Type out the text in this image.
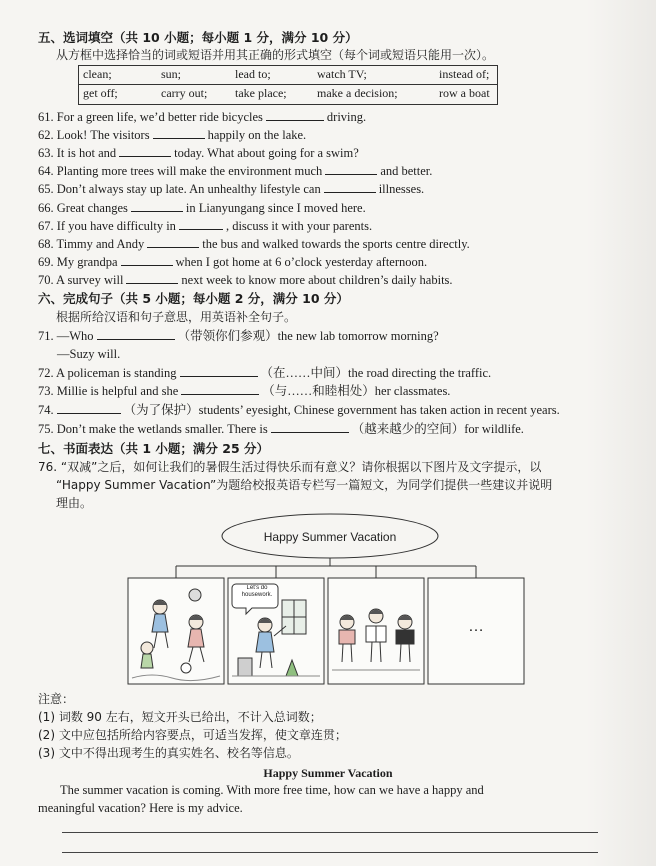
五、选词填空（共 10 小题；每小题 1 分，满分 10 分）
从方框中选择恰当的词或短语并用其正确的形式填空（每个词或短语只能用一次）。
clean;	sun;	lead to;	watch TV;	instead of;
get off;	carry out; take place;	make a decision;	row a boat
61. For a green life, we’d better ride bicycles	driving.
62. Look! The visitors	happily on the lake.
63. It is hot and	today. What about going for a swim?
64. Planting more trees will make the environment much	and better.
65. Don’t always stay up late. An unhealthy lifestyle can	illnesses.
66. Great changes	in Lianyungang since I moved here.
67. If you have difficulty in	, discuss it with your parents.
68. Timmy and Andy	the bus and walked towards the sports centre directly.
69. My grandpa	when I got home at 6 o’clock yesterday afternoon.
70. A survey will	next week to know more about children’s daily habits.
六、完成句子（共 5 小题；每小题 2 分，满分 10 分）
根据所给汉语和句子意思，用英语补全句子。
71. —Who	（带领你们参观）the new lab tomorrow morning?
—Suzy will.
72. A policeman is standing	（在……中间）the road directing the traffic.
73. Millie is helpful and she	（与……和睦相处）her classmates.
74.	（为了保护）students’ eyesight, Chinese government has taken action in recent years.
75. Don’t make the wetlands smaller. There is	（越来越少的空间）for wildlife.
七、书面表达（共 1 小题；满分 25 分）
76. “双减”之后，如何让我们的暑假生活过得快乐而有意义？请你根据以下图片及文字提示，以
“Happy Summer Vacation”为题给校报英语专栏写一篇短文，为同学们提供一些建议并说明
理由。
Happy Summer Vacation
Let’s do housework.
…
注意：
(1) 词数 90 左右，短文开头已给出，不计入总词数；
(2) 文中应包括所给内容要点，可适当发挥，使文章连贯；
(3) 文中不得出现考生的真实姓名、校名等信息。
Happy Summer Vacation
The summer vacation is coming. With more free time, how can we have a happy and
meaningful vacation? Here is my advice.
